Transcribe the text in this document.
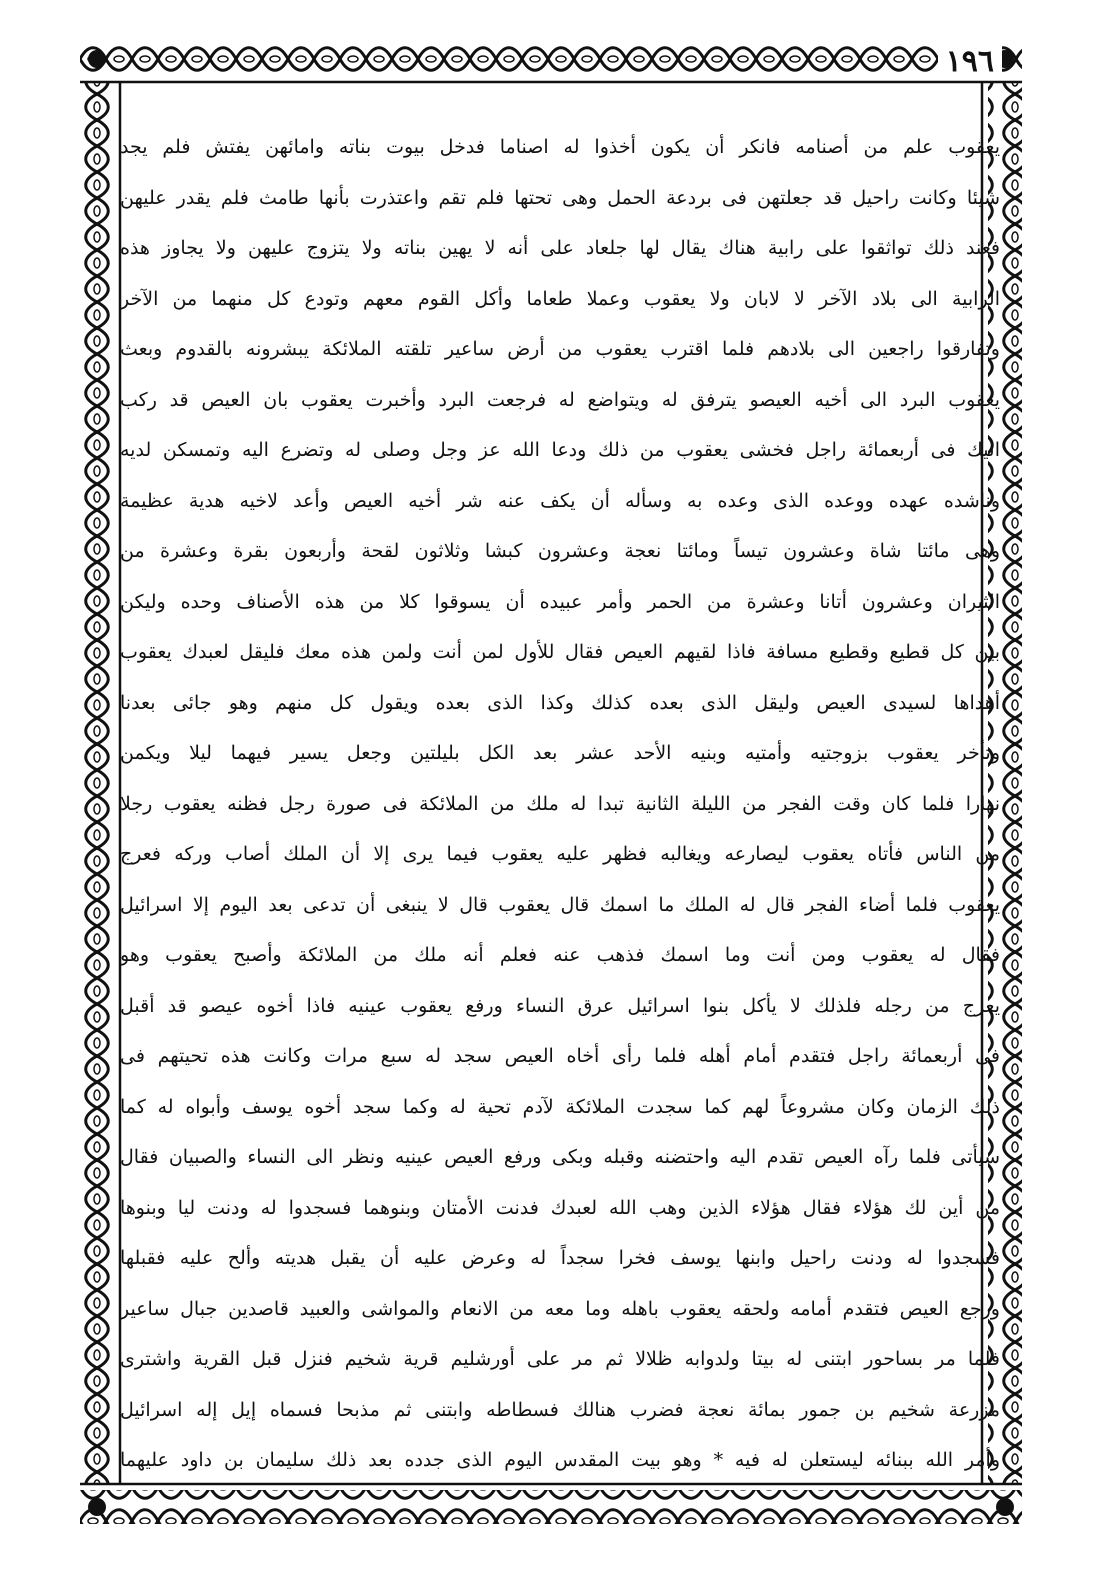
١٩٦
يعقوب علم من أصنامه فانكر أن يكون أخذوا له اصناما فدخل بيوت بناته وامائهن يفتش فلم يجد
شيئا وكانت راحيل قد جعلتهن فى بردعة الحمل وهى تحتها فلم تقم واعتذرت بأنها طامث فلم يقدر عليهن
فعند ذلك تواثقوا على رابية هناك يقال لها جلعاد على أنه لا يهين بناته ولا يتزوج عليهن ولا يجاوز هذه
الرابية الى بلاد الآخر لا لابان ولا يعقوب وعملا طعاما وأكل القوم معهم وتودع كل منهما من الآخر
وتفارقوا راجعين الى بلادهم فلما اقترب يعقوب من أرض ساعير تلقته الملائكة يبشرونه بالقدوم وبعث
يعقوب البرد الى أخيه العيصو يترفق له ويتواضع له فرجعت البرد وأخبرت يعقوب بان العيص قد ركب
اليك فى أربعمائة راجل فخشى يعقوب من ذلك ودعا الله عز وجل وصلى له وتضرع اليه وتمسكن لديه
وناشده عهده ووعده الذى وعده به وسأله أن يكف عنه شر أخيه العيص وأعد لاخيه هدية عظيمة
وهى مائتا شاة وعشرون تيساً ومائتا نعجة وعشرون كبشا وثلاثون لقحة وأربعون بقرة وعشرة من
الثيران وعشرون أتانا وعشرة من الحمر وأمر عبيده أن يسوقوا كلا من هذه الأصناف وحده وليكن
بين كل قطيع وقطيع مسافة فاذا لقيهم العيص فقال للأول لمن أنت ولمن هذه معك فليقل لعبدك يعقوب
أهداها لسيدى العيص وليقل الذى بعده كذلك وكذا الذى بعده ويقول كل منهم وهو جائى بعدنا
وتأخر يعقوب بزوجتيه وأمتيه وبنيه الأحد عشر بعد الكل بليلتين وجعل يسير فيهما ليلا ويكمن
نهارا فلما كان وقت الفجر من الليلة الثانية تبدا له ملك من الملائكة فى صورة رجل فظنه يعقوب رجلا
من الناس فأتاه يعقوب ليصارعه ويغالبه فظهر عليه يعقوب فيما يرى إلا أن الملك أصاب وركه فعرج
يعقوب فلما أضاء الفجر قال له الملك ما اسمك قال يعقوب قال لا ينبغى أن تدعى بعد اليوم إلا اسرائيل
فقال له يعقوب ومن أنت وما اسمك فذهب عنه فعلم أنه ملك من الملائكة وأصبح يعقوب وهو
يعرج من رجله فلذلك لا يأكل بنوا اسرائيل عرق النساء ورفع يعقوب عينيه فاذا أخوه عيصو قد أقبل
فى أربعمائة راجل فتقدم أمام أهله فلما رأى أخاه العيص سجد له سبع مرات وكانت هذه تحيتهم فى
ذلك الزمان وكان مشروعاً لهم كما سجدت الملائكة لآدم تحية له وكما سجد أخوه يوسف وأبواه له كما
سيأتى فلما رآه العيص تقدم اليه واحتضنه وقبله وبكى ورفع العيص عينيه ونظر الى النساء والصبيان فقال
من أين لك هؤلاء فقال هؤلاء الذين وهب الله لعبدك فدنت الأمتان وبنوهما فسجدوا له ودنت ليا وبنوها
فسجدوا له ودنت راحيل وابنها يوسف فخرا سجداً له وعرض عليه أن يقبل هديته وألح عليه فقبلها
ورجع العيص فتقدم أمامه ولحقه يعقوب باهله وما معه من الانعام والمواشى والعبيد قاصدين جبال ساعير
فلما مر بساحور ابتنى له بيتا ولدوابه ظلالا ثم مر على أورشليم قرية شخيم فنزل قبل القرية واشترى
مزرعة شخيم بن جمور بمائة نعجة فضرب هنالك فسطاطه وابتنى ثم مذبحا فسماه إيل إله اسرائيل
وأمر الله ببنائه ليستعلن له فيه * وهو بيت المقدس اليوم الذى جدده بعد ذلك سليمان بن داود عليهما
